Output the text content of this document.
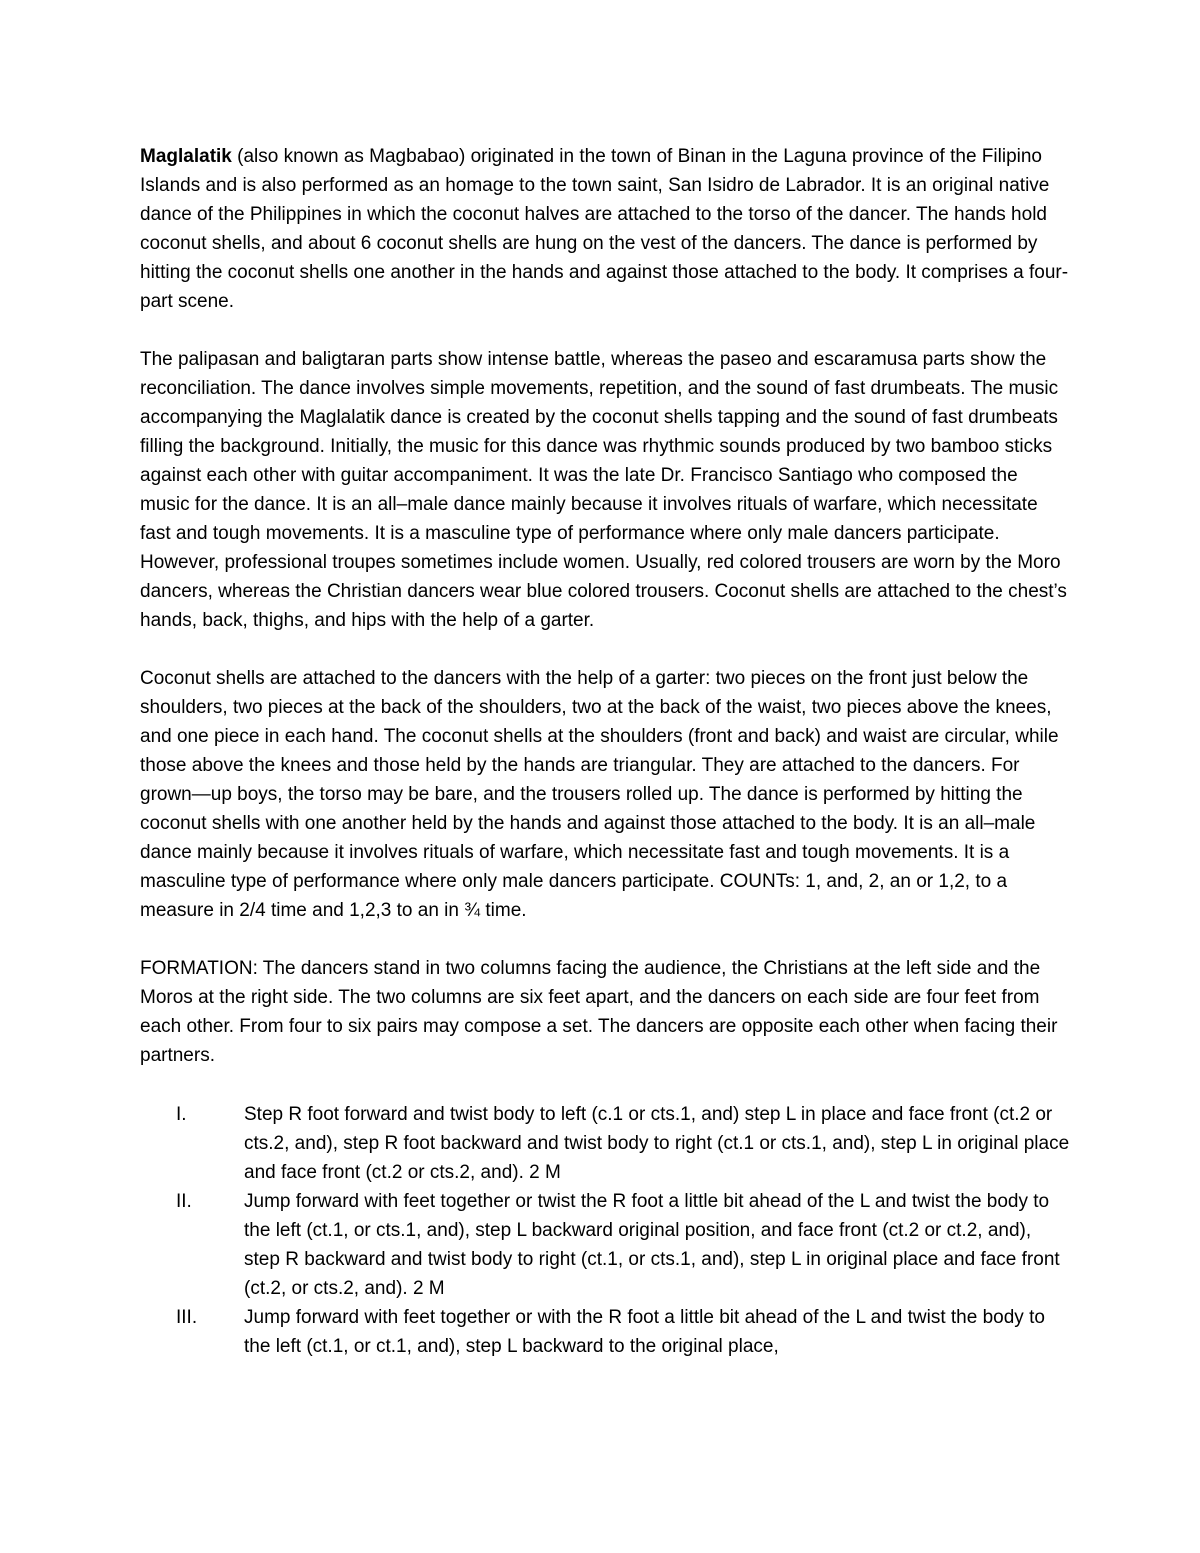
Maglalatik (also known as Magbabao) originated in the town of Binan in the Laguna province of the Filipino Islands and is also performed as an homage to the town saint, San Isidro de Labrador. It is an original native dance of the Philippines in which the coconut halves are attached to the torso of the dancer. The hands hold coconut shells, and about 6 coconut shells are hung on the vest of the dancers. The dance is performed by hitting the coconut shells one another in the hands and against those attached to the body. It comprises a four-part scene.

The palipasan and baligtaran parts show intense battle, whereas the paseo and escaramusa parts show the reconciliation. The dance involves simple movements, repetition, and the sound of fast drumbeats. The music accompanying the Maglalatik dance is created by the coconut shells tapping and the sound of fast drumbeats filling the background. Initially, the music for this dance was rhythmic sounds produced by two bamboo sticks against each other with guitar accompaniment. It was the late Dr. Francisco Santiago who composed the music for the dance. It is an all–male dance mainly because it involves rituals of warfare, which necessitate fast and tough movements. It is a masculine type of performance where only male dancers participate. However, professional troupes sometimes include women. Usually, red colored trousers are worn by the Moro dancers, whereas the Christian dancers wear blue colored trousers. Coconut shells are attached to the chest’s hands, back, thighs, and hips with the help of a garter.

Coconut shells are attached to the dancers with the help of a garter: two pieces on the front just below the shoulders, two pieces at the back of the shoulders, two at the back of the waist, two pieces above the knees, and one piece in each hand. The coconut shells at the shoulders (front and back) and waist are circular, while those above the knees and those held by the hands are triangular. They are attached to the dancers. For grown—up boys, the torso may be bare, and the trousers rolled up. The dance is performed by hitting the coconut shells with one another held by the hands and against those attached to the body. It is an all–male dance mainly because it involves rituals of warfare, which necessitate fast and tough movements. It is a masculine type of performance where only male dancers participate. COUNTs: 1, and, 2, an or 1,2, to a measure in 2/4 time and 1,2,3 to an in ¾ time.

FORMATION: The dancers stand in two columns facing the audience, the Christians at the left side and the Moros at the right side. The two columns are six feet apart, and the dancers on each side are four feet from each other. From four to six pairs may compose a set. The dancers are opposite each other when facing their partners.

I.	Step R foot forward and twist body to left (c.1 or cts.1, and) step L in place and face front (ct.2 or cts.2, and), step R foot backward and twist body to right (ct.1 or cts.1, and), step L in original place and face front (ct.2 or cts.2, and). 2 M
II.	Jump forward with feet together or twist the R foot a little bit ahead of the L and twist the body to the left (ct.1, or cts.1, and), step L backward original position, and face front (ct.2 or ct.2, and), step R backward and twist body to right (ct.1, or cts.1, and), step L in original place and face front (ct.2, or cts.2, and). 2 M
III.	Jump forward with feet together or with the R foot a little bit ahead of the L and twist the body to the left (ct.1, or ct.1, and), step L backward to the original place,
